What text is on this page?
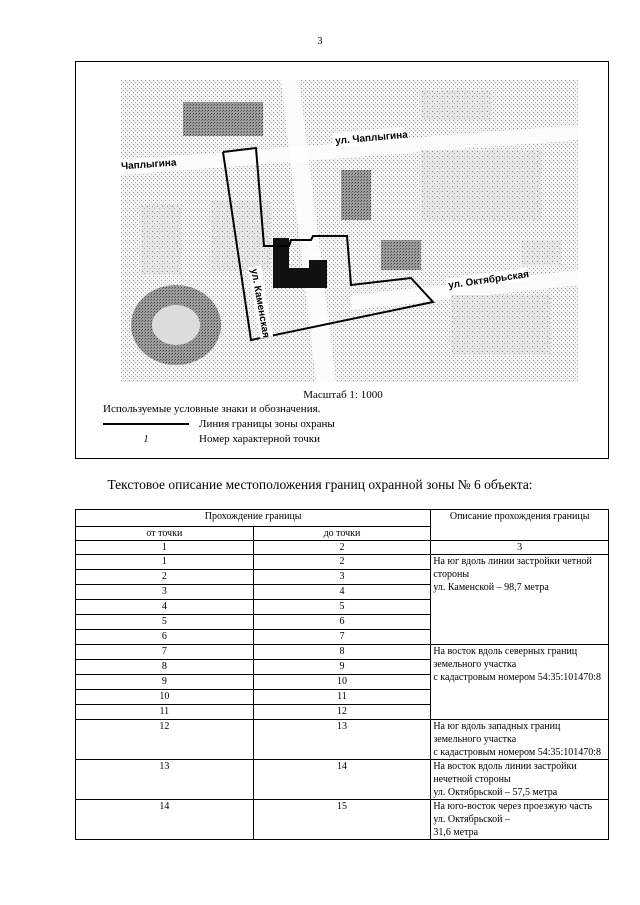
3
ул. Чаплыгина
Чаплыгина
ул. Каменская	ул. Октябрьская
Масштаб 1: 1000
Используемые условные знаки и обозначения.
Линия границы зоны охраны
1	Номер характерной точки
Текстовое описание местоположения границ охранной зоны № 6 объекта:
Прохождение границы		Описание прохождения границы
от точки	до точки	
1	2	3
1	2	На юг вдоль линии застройки четной стороны
ул. Каменской – 98,7 метра

2	3	
3	4	
4	5	
5	6	
6	7	
7	8	На восток вдоль северных границ земельного участка
с кадастровым номером 54:35:101470:8

8	9	
9	10	
10	11	
11	12	
12	13	На юг вдоль западных границ земельного участка
с кадастровым номером 54:35:101470:8

13	14	На восток вдоль линии застройки нечетной стороны
ул. Октябрьской – 57,5 метра

14	15	На юго-восток через проезжую часть ул. Октябрьской –
31,6 метра
